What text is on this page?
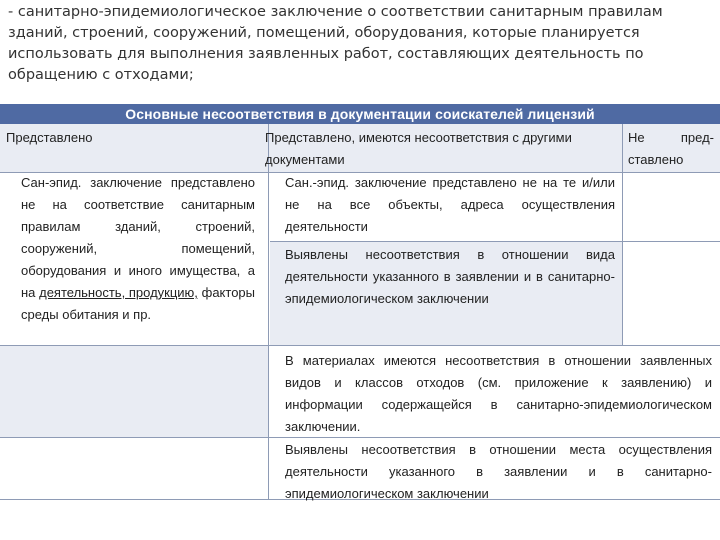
- санитарно-эпидемиологическое заключение о соответствии санитарным правилам зданий, строений, сооружений, помещений, оборудования, которые планируется использовать для выполнения заявленных работ, составляющих деятельность по обращению с отходами;
Основные несоответствия в документации соискателей лицензий
Представлено	Представлено, имеются несоответствия с другими документами
Не пред-ставлено
Сан-эпид. заключение представлено не на соответствие санитарным правилам зданий, строений, сооружений, помещений, оборудования и иного имущества, а на деятельность, продукцию, факторы среды обитания и пр.
Сан.-эпид. заключение представлено не на те и/или не на все объекты, адреса осуществления деятельности
Выявлены несоответствия в отношении вида деятельности указанного в заявлении и в санитарно-эпидемиологическом заключении
В материалах имеются несоответствия в отношении заявленных видов и классов отходов (см. приложение к заявлению) и информации содержащейся в санитарно-эпидемиологическом заключении.
Выявлены несоответствия в отношении места осуществления деятельности указанного в заявлении и в санитарно-эпидемиологическом заключении
